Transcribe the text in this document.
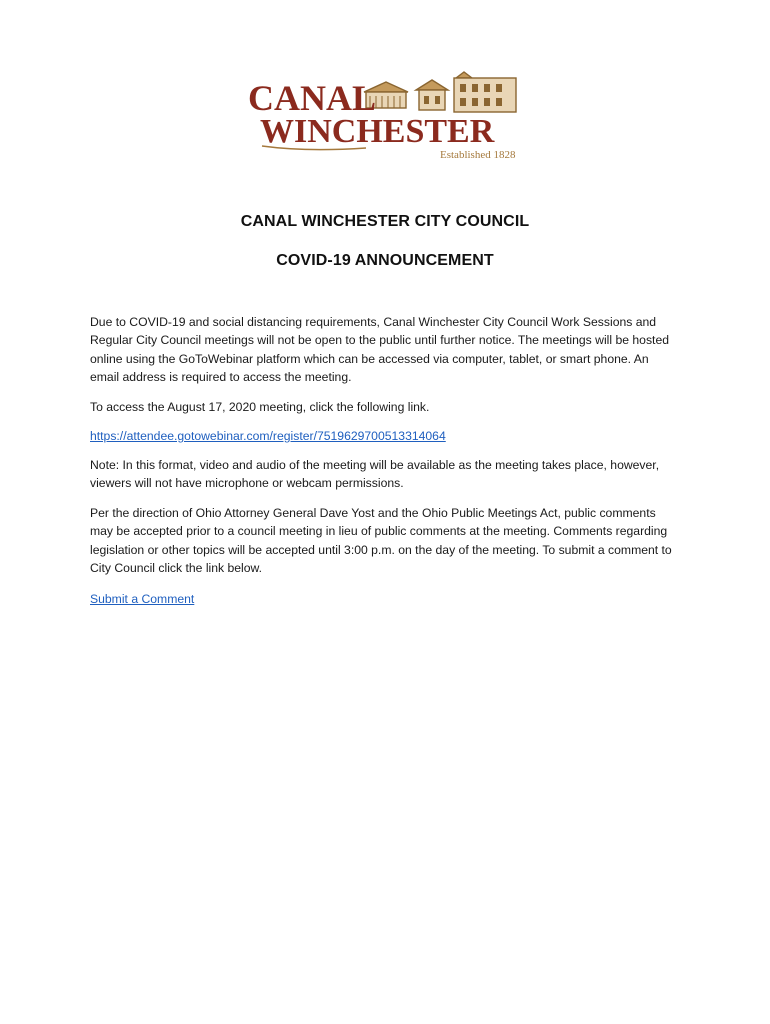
CANAL
WINCHESTER
Established 1828
CANAL WINCHESTER CITY COUNCIL
COVID-19 ANNOUNCEMENT

Due to COVID-19 and social distancing requirements, Canal Winchester City Council Work Sessions and Regular City Council meetings will not be open to the public until further notice. The meetings will be hosted online using the GoToWebinar platform which can be accessed via computer, tablet, or smart phone. An email address is required to access the meeting.

To access the August 17, 2020 meeting, click the following link.

https://attendee.gotowebinar.com/register/7519629700513314064

Note: In this format, video and audio of the meeting will be available as the meeting takes place, however, viewers will not have microphone or webcam permissions.

Per the direction of Ohio Attorney General Dave Yost and the Ohio Public Meetings Act, public comments may be accepted prior to a council meeting in lieu of public comments at the meeting. Comments regarding legislation or other topics will be accepted until 3:00 p.m. on the day of the meeting. To submit a comment to City Council click the link below.

Submit a Comment
